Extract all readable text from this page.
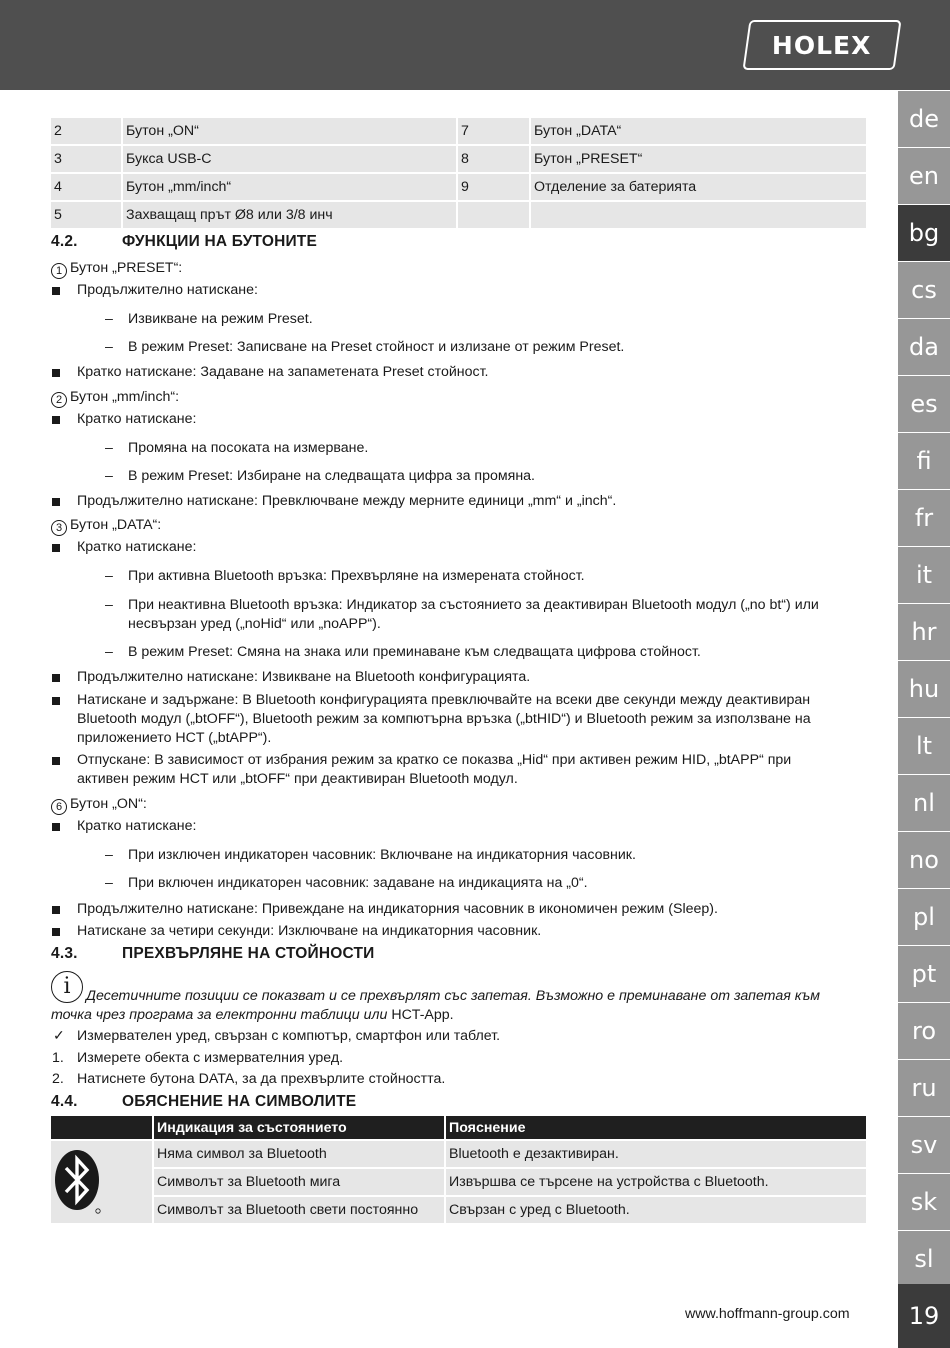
HOLEX
de
en
bg
cs
da
es
fi
fr
it
hr
hu
lt
nl
no
pl
pt
ro
ru
sv
sk
sl
19
2	Бутон „ON“	7	Бутон „DATA“
3	Букса USB-C	8	Бутон „PRESET“
4	Бутон „mm/inch“	9	Отделение за батерията
5	Захващащ прът Ø8 или 3/8 инч		
4.2.	ФУНКЦИИ НА БУТОНИТЕ
1 Бутон „PRESET“:
Продължително натискане:
– Извикване на режим Preset.
– В режим Preset: Записване на Preset стойност и излизане от режим Preset.
Кратко натискане: Задаване на запаметената Preset стойност.
2 Бутон „mm/inch“:
Кратко натискане:
– Промяна на посоката на измерване.
– В режим Preset: Избиране на следващата цифра за промяна.
Продължително натискане: Превключване между мерните единици „mm“ и „inch“.
3 Бутон „DATA“:
Кратко натискане:
– При активна Bluetooth връзка: Прехвърляне на измерената стойност.
– При неактивна Bluetooth връзка: Индикатор за състоянието за деактивиран Bluetooth модул („no bt“) или
несвързан уред („noHid“ или „noAPP“).
– В режим Preset: Смяна на знака или преминаване към следващата цифрова стойност.
Продължително натискане: Извикване на Bluetooth конфигурацията.
Натискане и задържане: В Bluetooth конфигурацията превключвайте на всеки две секунди между деактивиран
Bluetooth модул („btOFF“), Bluetooth режим за компютърна връзка („btHID“) и Bluetooth режим за използване на
приложението HCT („btAPP“).
Отпускане: В зависимост от избрания режим за кратко се показва „Hid“ при активен режим HID, „btAPP“ при
активен режим HCT или „btOFF“ при деактивиран Bluetooth модул.
6 Бутон „ON“:
Кратко натискане:
– При изключен индикаторен часовник: Включване на индикаторния часовник.
– При включен индикаторен часовник: задаване на индикацията на „0“.
Продължително натискане: Привеждане на индикаторния часовник в икономичен режим (Sleep).
Натискане за четири секунди: Изключване на индикаторния часовник.
4.3.	ПРЕХВЪРЛЯНЕ НА СТОЙНОСТИ
i	Десетичните позиции се показват и се прехвърлят със запетая. Възможно е преминаване от запетая към
точка чрез програма за електронни таблици или HCT-App.
✓ Измервателен уред, свързан с компютър, смартфон или таблет.
1. Измерете обекта с измервателния уред.
2. Натиснете бутона DATA, за да прехвърлите стойността.
4.4.	ОБЯСНЕНИЕ НА СИМВОЛИТЕ
	Индикация за състоянието	Пояснение

	Няма символ за Bluetooth	Bluetooth е дезактивиран.
	Символът за Bluetooth мига	Извършва се търсене на устройства с Bluetooth.
	Символът за Bluetooth свети постоянно	Свързан с уред с Bluetooth.
www.hoffmann-group.com
